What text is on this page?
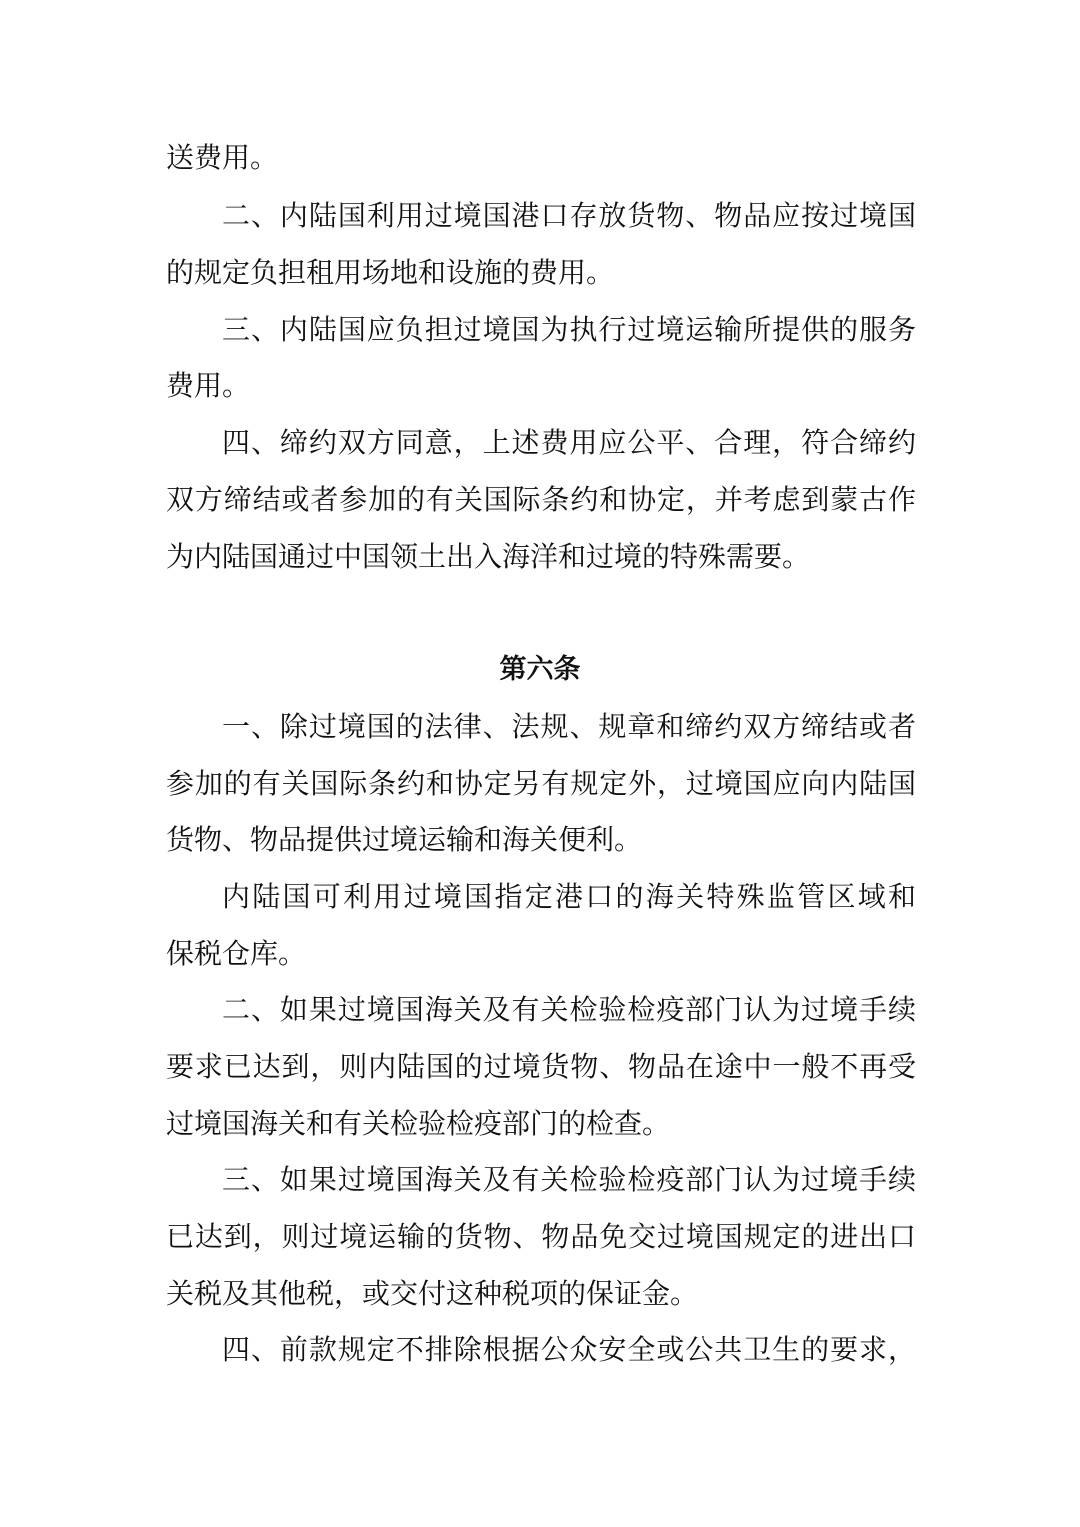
送费用。
二、内陆国利用过境国港口存放货物、物品应按过境国
的规定负担租用场地和设施的费用。
三、内陆国应负担过境国为执行过境运输所提供的服务
费用。
四、缔约双方同意，上述费用应公平、合理，符合缔约
双方缔结或者参加的有关国际条约和协定，并考虑到蒙古作
为内陆国通过中国领土出入海洋和过境的特殊需要。
第六条
一、除过境国的法律、法规、规章和缔约双方缔结或者
参加的有关国际条约和协定另有规定外，过境国应向内陆国
货物、物品提供过境运输和海关便利。
内陆国可利用过境国指定港口的海关特殊监管区域和
保税仓库。
二、如果过境国海关及有关检验检疫部门认为过境手续
要求已达到，则内陆国的过境货物、物品在途中一般不再受
过境国海关和有关检验检疫部门的检查。
三、如果过境国海关及有关检验检疫部门认为过境手续
已达到，则过境运输的货物、物品免交过境国规定的进出口
关税及其他税，或交付这种税项的保证金。
四、前款规定不排除根据公众安全或公共卫生的要求，
